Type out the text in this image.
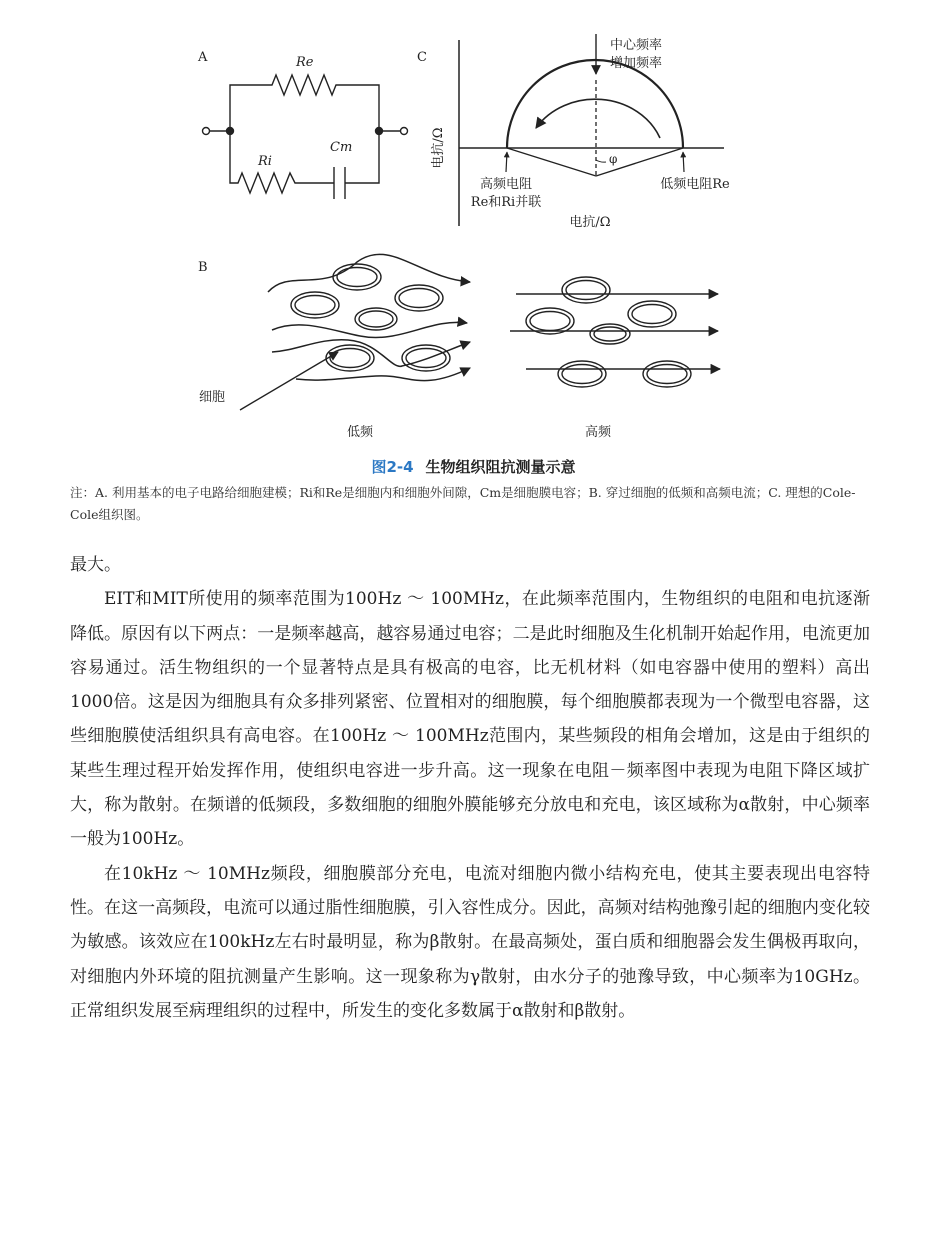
A	Re
Ri
Cm
C
中心频率
增加频率
电抗/Ω	φ
高频电阻
Re和Ri并联
低频电阻Re
电抗/Ω
B
细胞
低频	高频
图2-4 生物组织阻抗测量示意
注：A. 利用基本的电子电路给细胞建模；Ri和Re是细胞内和细胞外间隙，Cm是细胞膜电容；B. 穿过细胞的低频和高频电流；C. 理想的Cole-Cole组织图。

最大。

EIT和MIT所使用的频率范围为100Hz ～ 100MHz，在此频率范围内，生物组织的电阻和电抗逐渐降低。原因有以下两点：一是频率越高，越容易通过电容；二是此时细胞及生化机制开始起作用，电流更加容易通过。活生物组织的一个显著特点是具有极高的电容，比无机材料（如电容器中使用的塑料）高出1000倍。这是因为细胞具有众多排列紧密、位置相对的细胞膜，每个细胞膜都表现为一个微型电容器，这些细胞膜使活组织具有高电容。在100Hz ～ 100MHz范围内，某些频段的相角会增加，这是由于组织的某些生理过程开始发挥作用，使组织电容进一步升高。这一现象在电阻－频率图中表现为电阻下降区域扩大，称为散射。在频谱的低频段，多数细胞的细胞外膜能够充分放电和充电，该区域称为α散射，中心频率一般为100Hz。

在10kHz ～ 10MHz频段，细胞膜部分充电，电流对细胞内微小结构充电，使其主要表现出电容特性。在这一高频段，电流可以通过脂性细胞膜，引入容性成分。因此，高频对结构弛豫引起的细胞内变化较为敏感。该效应在100kHz左右时最明显，称为β散射。在最高频处，蛋白质和细胞器会发生偶极再取向，对细胞内外环境的阻抗测量产生影响。这一现象称为γ散射，由水分子的弛豫导致，中心频率为10GHz。正常组织发展至病理组织的过程中，所发生的变化多数属于α散射和β散射。
